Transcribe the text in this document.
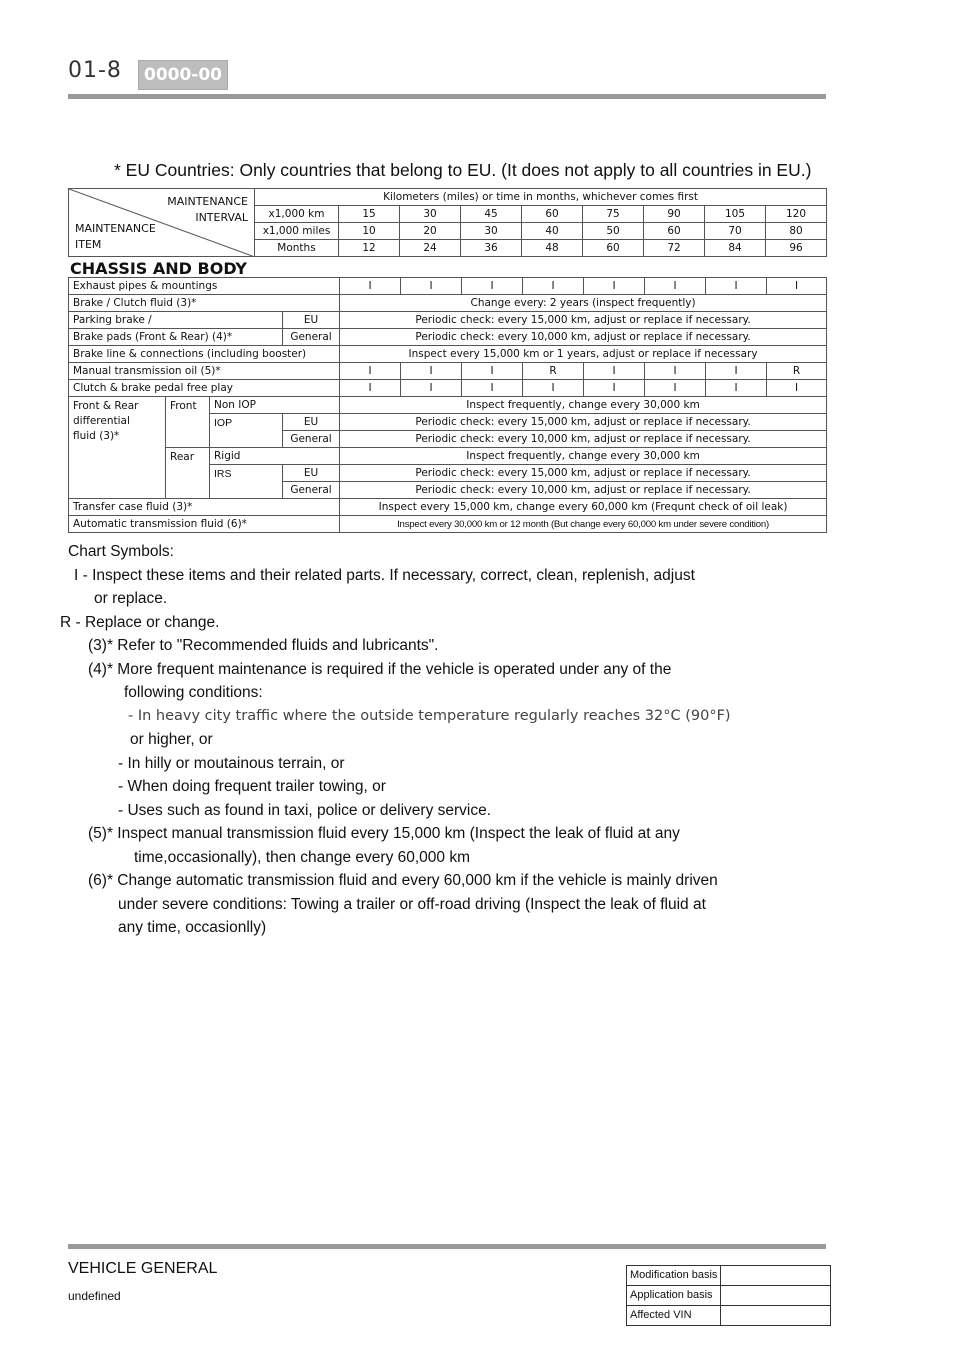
01-8	0000-00
* EU Countries: Only countries that belong to EU. (It does not apply to all countries in EU.)
MAINTENANCE
INTERVAL
MAINTENANCE
ITEM	Kilometers (miles) or time in months, whichever comes first								
	x1,000 km	15	30	45	60	75	90	105	120
	x1,000 miles	10	20	30	40	50	60	70	80
	Months	12	24	36	48	60	72	84	96
CHASSIS AND BODY
Exhaust pipes & mountings				I	I	I	I	I	I	I	I
Brake / Clutch fluid (3)*				Change every: 2 years (inspect frequently)							
Parking brake /			EU	Periodic check: every 15,000 km, adjust or replace if necessary.							
Brake pads (Front & Rear) (4)*			General	Periodic check: every 10,000 km, adjust or replace if necessary.							
Brake line & connections (including booster)				Inspect every 15,000 km or 1 years, adjust or replace if necessary							
Manual transmission oil (5)*				I	I	I	R	I	I	I	R
Clutch & brake pedal free play				I	I	I	I	I	I	I	I

Front & Rear
differential
fluid (3)*	Front	Non IOP		Inspect frequently, change every 30,000 km							
		IOP	EU	Periodic check: every 15,000 km, adjust or replace if necessary.							
			General	Periodic check: every 10,000 km, adjust or replace if necessary.							
	Rear	Rigid		Inspect frequently, change every 30,000 km							
		IRS	EU	Periodic check: every 15,000 km, adjust or replace if necessary.							
			General	Periodic check: every 10,000 km, adjust or replace if necessary.							
Transfer case fluid (3)*				Inspect every 15,000 km, change every 60,000 km (Frequnt check of oil leak)							
Automatic transmission fluid (6)*				Inspect every 30,000 km or 12 month (But change every 60,000 km under severe condition)							
Chart Symbols:
I - Inspect these items and their related parts. If necessary, correct, clean, replenish, adjust
or replace.
R - Replace or change.
(3)* Refer to "Recommended fluids and lubricants".
(4)* More frequent maintenance is required if the vehicle is operated under any of the
following conditions:
- In heavy city traffic where the outside temperature regularly reaches 32°C (90°F)
or higher, or
- In hilly or moutainous terrain, or
- When doing frequent trailer towing, or
- Uses such as found in taxi, police or delivery service.
(5)* Inspect manual transmission fluid every 15,000 km (Inspect the leak of fluid at any
time,occasionally), then change every 60,000 km
(6)* Change automatic transmission fluid and every 60,000 km if the vehicle is mainly driven
under severe conditions: Towing a trailer or off-road driving (Inspect the leak of fluid at
any time, occasionlly)
VEHICLE GENERAL
undefined
Modification basis	
Application basis	
Affected VIN	
